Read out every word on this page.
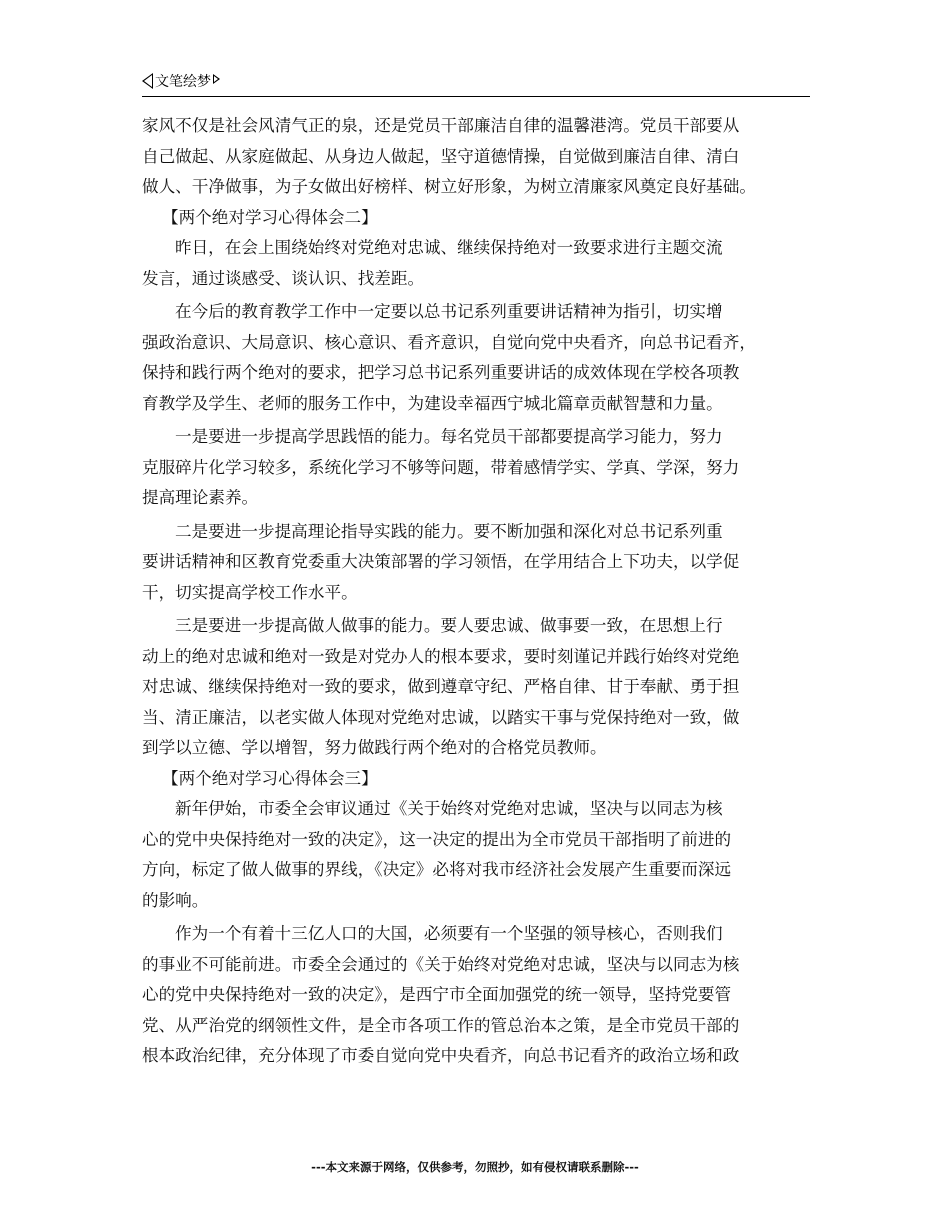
文笔绘梦
家风不仅是社会风清气正的泉，还是党员干部廉洁自律的温馨港湾。党员干部要从
自己做起、从家庭做起、从身边人做起，坚守道德情操，自觉做到廉洁自律、清白
做人、干净做事，为子女做出好榜样、树立好形象，为树立清廉家风奠定良好基础。
【两个绝对学习心得体会二】
昨日，在会上围绕始终对党绝对忠诚、继续保持绝对一致要求进行主题交流
发言，通过谈感受、谈认识、找差距。
在今后的教育教学工作中一定要以总书记系列重要讲话精神为指引，切实增
强政治意识、大局意识、核心意识、看齐意识，自觉向党中央看齐，向总书记看齐，
保持和践行两个绝对的要求，把学习总书记系列重要讲话的成效体现在学校各项教
育教学及学生、老师的服务工作中，为建设幸福西宁城北篇章贡献智慧和力量。
一是要进一步提高学思践悟的能力。每名党员干部都要提高学习能力，努力
克服碎片化学习较多，系统化学习不够等问题，带着感情学实、学真、学深，努力
提高理论素养。
二是要进一步提高理论指导实践的能力。要不断加强和深化对总书记系列重
要讲话精神和区教育党委重大决策部署的学习领悟，在学用结合上下功夫，以学促
干，切实提高学校工作水平。
三是要进一步提高做人做事的能力。要人要忠诚、做事要一致，在思想上行
动上的绝对忠诚和绝对一致是对党办人的根本要求，要时刻谨记并践行始终对党绝
对忠诚、继续保持绝对一致的要求，做到遵章守纪、严格自律、甘于奉献、勇于担
当、清正廉洁，以老实做人体现对党绝对忠诚，以踏实干事与党保持绝对一致，做
到学以立德、学以增智，努力做践行两个绝对的合格党员教师。
【两个绝对学习心得体会三】
新年伊始，市委全会审议通过《关于始终对党绝对忠诚，坚决与以同志为核
心的党中央保持绝对一致的决定》，这一决定的提出为全市党员干部指明了前进的
方向，标定了做人做事的界线，《决定》必将对我市经济社会发展产生重要而深远
的影响。
作为一个有着十三亿人口的大国，必须要有一个坚强的领导核心，否则我们
的事业不可能前进。市委全会通过的《关于始终对党绝对忠诚，坚决与以同志为核
心的党中央保持绝对一致的决定》，是西宁市全面加强党的统一领导，坚持党要管
党、从严治党的纲领性文件，是全市各项工作的管总治本之策，是全市党员干部的
根本政治纪律，充分体现了市委自觉向党中央看齐，向总书记看齐的政治立场和政
---本文来源于网络，仅供参考，勿照抄，如有侵权请联系删除---
